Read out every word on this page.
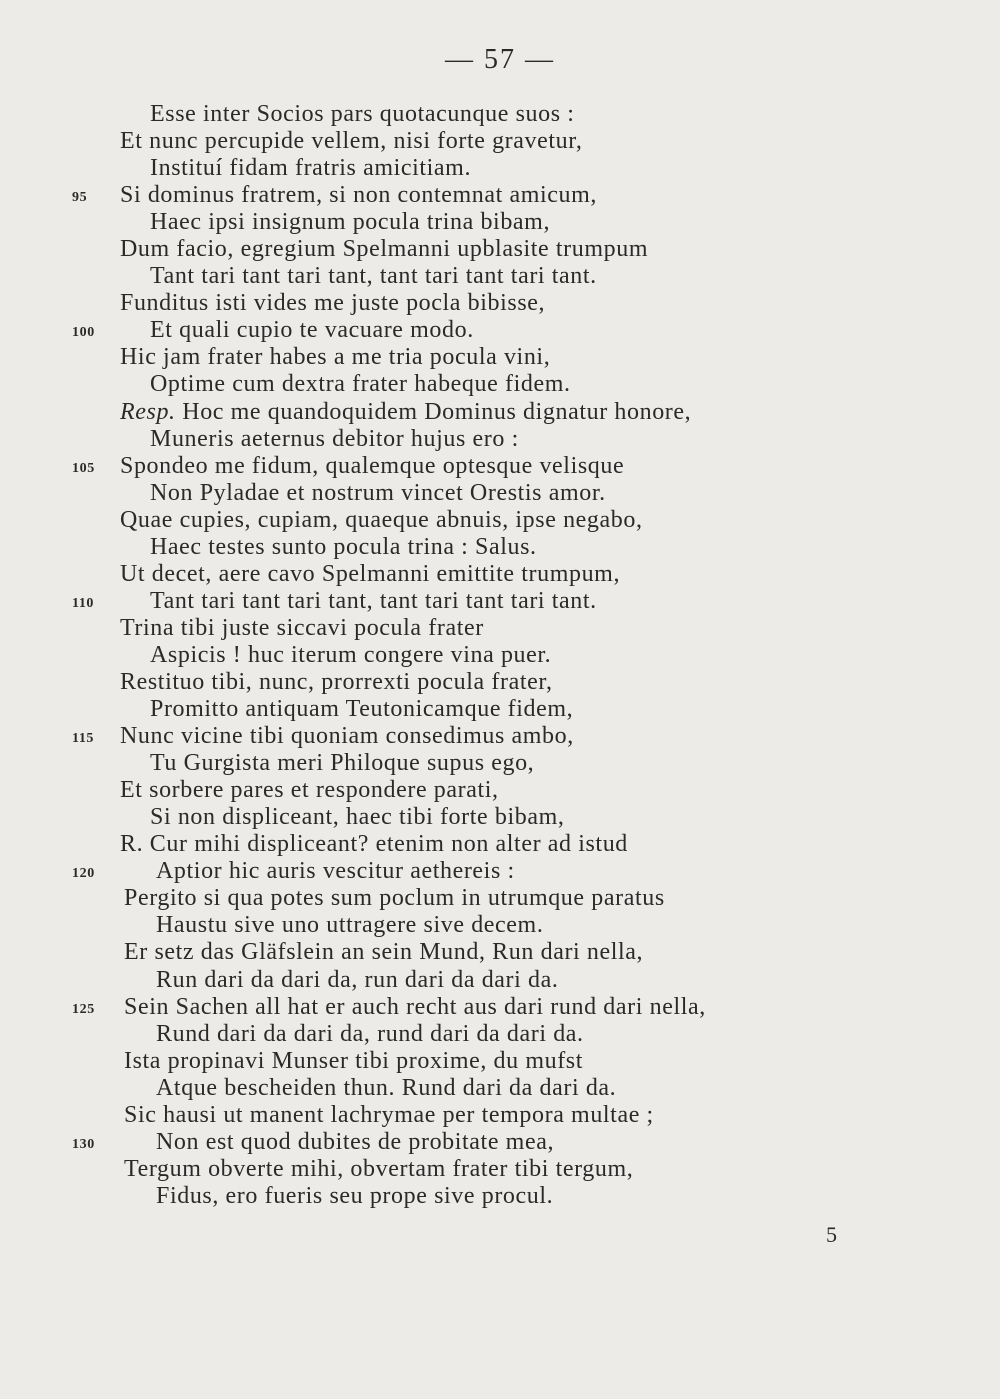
— 57 —
Esse inter Socios pars quotacunque suos :
Et nunc percupide vellem, nisi forte gravetur,
Instituí fidam fratris amicitiam.
95	Si dominus fratrem, si non contemnat amicum,
Haec ipsi insignum pocula trina bibam,
Dum facio, egregium Spelmanni upblasite trumpum
Tant tari tant tari tant, tant tari tant tari tant.
Funditus isti vides me juste pocla bibisse,
100	Et quali cupio te vacuare modo.
Hic jam frater habes a me tria pocula vini,
Optime cum dextra frater habeque fidem.
Resp. Hoc me quandoquidem Dominus dignatur honore,
Muneris aeternus debitor hujus ero :
105	Spondeo me fidum, qualemque optesque velisque
Non Pyladae et nostrum vincet Orestis amor.
Quae cupies, cupiam, quaeque abnuis, ipse negabo,
Haec testes sunto pocula trina : Salus.
Ut decet, aere cavo Spelmanni emittite trumpum,
110	Tant tari tant tari tant, tant tari tant tari tant.
Trina tibi juste siccavi pocula frater
Aspicis ! huc iterum congere vina puer.
Restituo tibi, nunc, prorrexti pocula frater,
Promitto antiquam Teutonicamque fidem,
115	Nunc vicine tibi quoniam consedimus ambo,
Tu Gurgista meri Philoque supus ego,
Et sorbere pares et respondere parati,
Si non displiceant, haec tibi forte bibam,
R. Cur mihi displiceant? etenim non alter ad istud
120	Aptior hic auris vescitur aethereis :
Pergito si qua potes sum poclum in utrumque paratus
Haustu sive uno uttragere sive decem.
Er setz das Gläfslein an sein Mund, Run dari nella,
Run dari da dari da, run dari da dari da.
125	Sein Sachen all hat er auch recht aus dari rund dari nella,
Rund dari da dari da, rund dari da dari da.
Ista propinavi Munser tibi proxime, du mufst
Atque bescheiden thun. Rund dari da dari da.
Sic hausi ut manent lachrymae per tempora multae ;
130	Non est quod dubites de probitate mea,
Tergum obverte mihi, obvertam frater tibi tergum,
Fidus, ero fueris seu prope sive procul.
5
